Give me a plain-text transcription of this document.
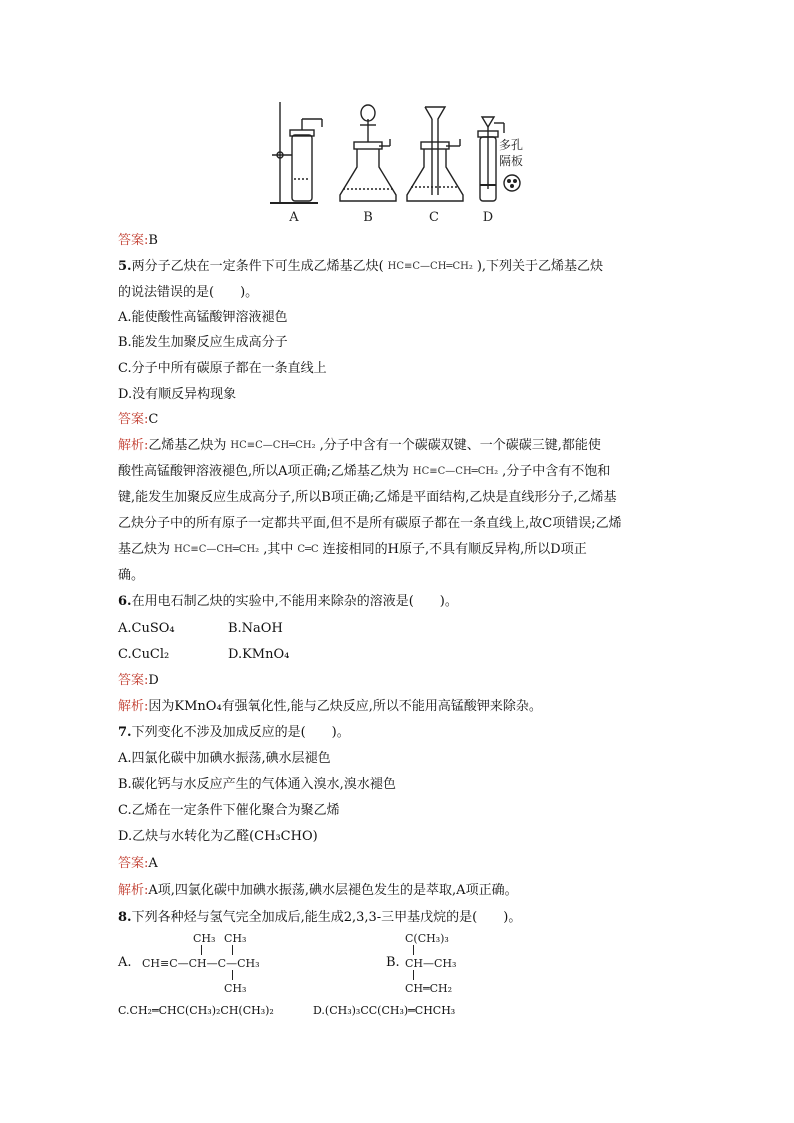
多孔
隔板
A	B	C	D
答案:B
5.两分子乙炔在一定条件下可生成乙烯基乙炔( HC≡C—CH═CH₂ ),下列关于乙烯基乙炔
的说法错误的是(　　)。
A.能使酸性高锰酸钾溶液褪色
B.能发生加聚反应生成高分子
C.分子中所有碳原子都在一条直线上
D.没有顺反异构现象
答案:C
解析:乙烯基乙炔为 HC≡C—CH═CH₂ ,分子中含有一个碳碳双键、一个碳碳三键,都能使
酸性高锰酸钾溶液褪色,所以A项正确;乙烯基乙炔为 HC≡C—CH═CH₂ ,分子中含有不饱和
键,能发生加聚反应生成高分子,所以B项正确;乙烯是平面结构,乙炔是直线形分子,乙烯基
乙炔分子中的所有原子一定都共平面,但不是所有碳原子都在一条直线上,故C项错误;乙烯
基乙炔为 HC≡C—CH═CH₂ ,其中 C═C 连接相同的H原子,不具有顺反异构,所以D项正
确。
6.在用电石制乙炔的实验中,不能用来除杂的溶液是(　　)。
A.CuSO₄	B.NaOH
C.CuCl₂	D.KMnO₄
答案:D
解析:因为KMnO₄有强氧化性,能与乙炔反应,所以不能用高锰酸钾来除杂。
7.下列变化不涉及加成反应的是(　　)。
A.四氯化碳中加碘水振荡,碘水层褪色
B.碳化钙与水反应产生的气体通入溴水,溴水褪色
C.乙烯在一定条件下催化聚合为聚乙烯
D.乙炔与水转化为乙醛(CH₃CHO)
答案:A
解析:A项,四氯化碳中加碘水振荡,碘水层褪色发生的是萃取,A项正确。
8.下列各种烃与氢气完全加成后,能生成2,3,3-三甲基戊烷的是(　　)。
A.
CH₃ CH₃
CH≡C—CH—C—CH₃
CH₃
B.
C(CH₃)₃
CH—CH₃
CH═CH₂
C.CH₂═CHC(CH₃)₂CH(CH₃)₂	D.(CH₃)₃CC(CH₃)═CHCH₃
